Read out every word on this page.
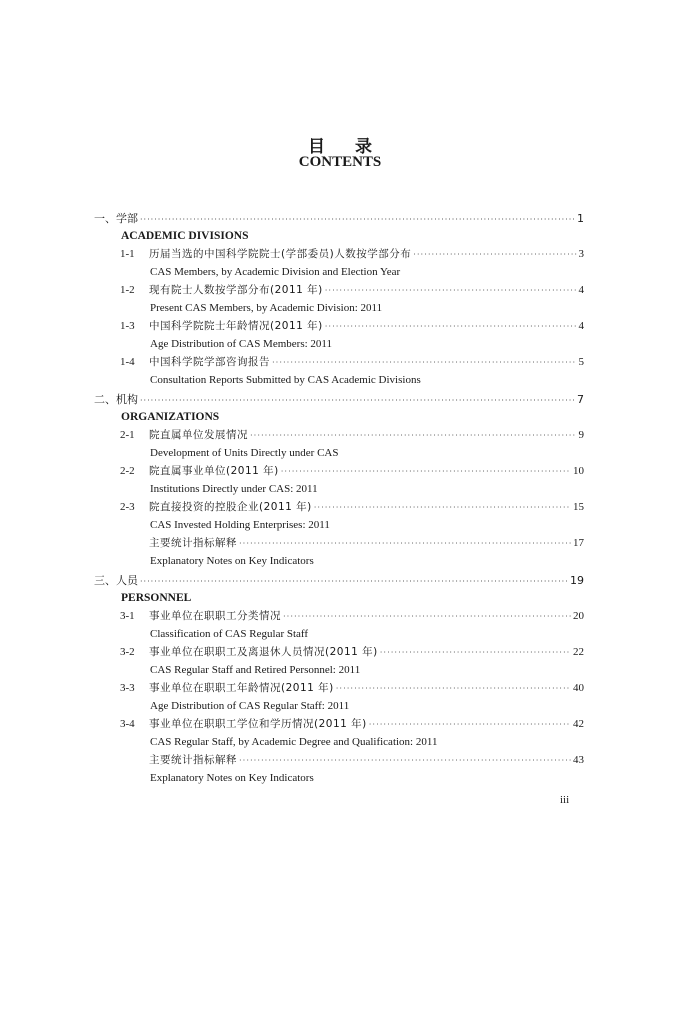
目录
CONTENTS
一、学部 ·····	1
ACADEMIC DIVISIONS
1-1	历届当选的中国科学院院士(学部委员)人数按学部分布 ·····	3
CAS Members, by Academic Division and Election Year
1-2	现有院士人数按学部分布(2011 年) ·····	4
Present CAS Members, by Academic Division: 2011
1-3	中国科学院院士年龄情况(2011 年) ·····	4
Age Distribution of CAS Members: 2011
1-4	中国科学院学部咨询报告 ·····	5
Consultation Reports Submitted by CAS Academic Divisions
二、机构 ·····	7
ORGANIZATIONS
2-1	院直属单位发展情况 ·····	9
Development of Units Directly under CAS
2-2	院直属事业单位(2011 年) ·····	10
Institutions Directly under CAS: 2011
2-3	院直接投资的控股企业(2011 年) ·····	15
CAS Invested Holding Enterprises: 2011
主要统计指标解释 ·····	17
Explanatory Notes on Key Indicators
三、人员 ·····	19
PERSONNEL
3-1	事业单位在职职工分类情况 ·····	20
Classification of CAS Regular Staff
3-2	事业单位在职职工及离退休人员情况(2011 年) ·····	22
CAS Regular Staff and Retired Personnel: 2011
3-3	事业单位在职职工年龄情况(2011 年) ·····	40
Age Distribution of CAS Regular Staff: 2011
3-4	事业单位在职职工学位和学历情况(2011 年) ·····	42
CAS Regular Staff, by Academic Degree and Qualification: 2011
主要统计指标解释 ·····	43
Explanatory Notes on Key Indicators
iii
